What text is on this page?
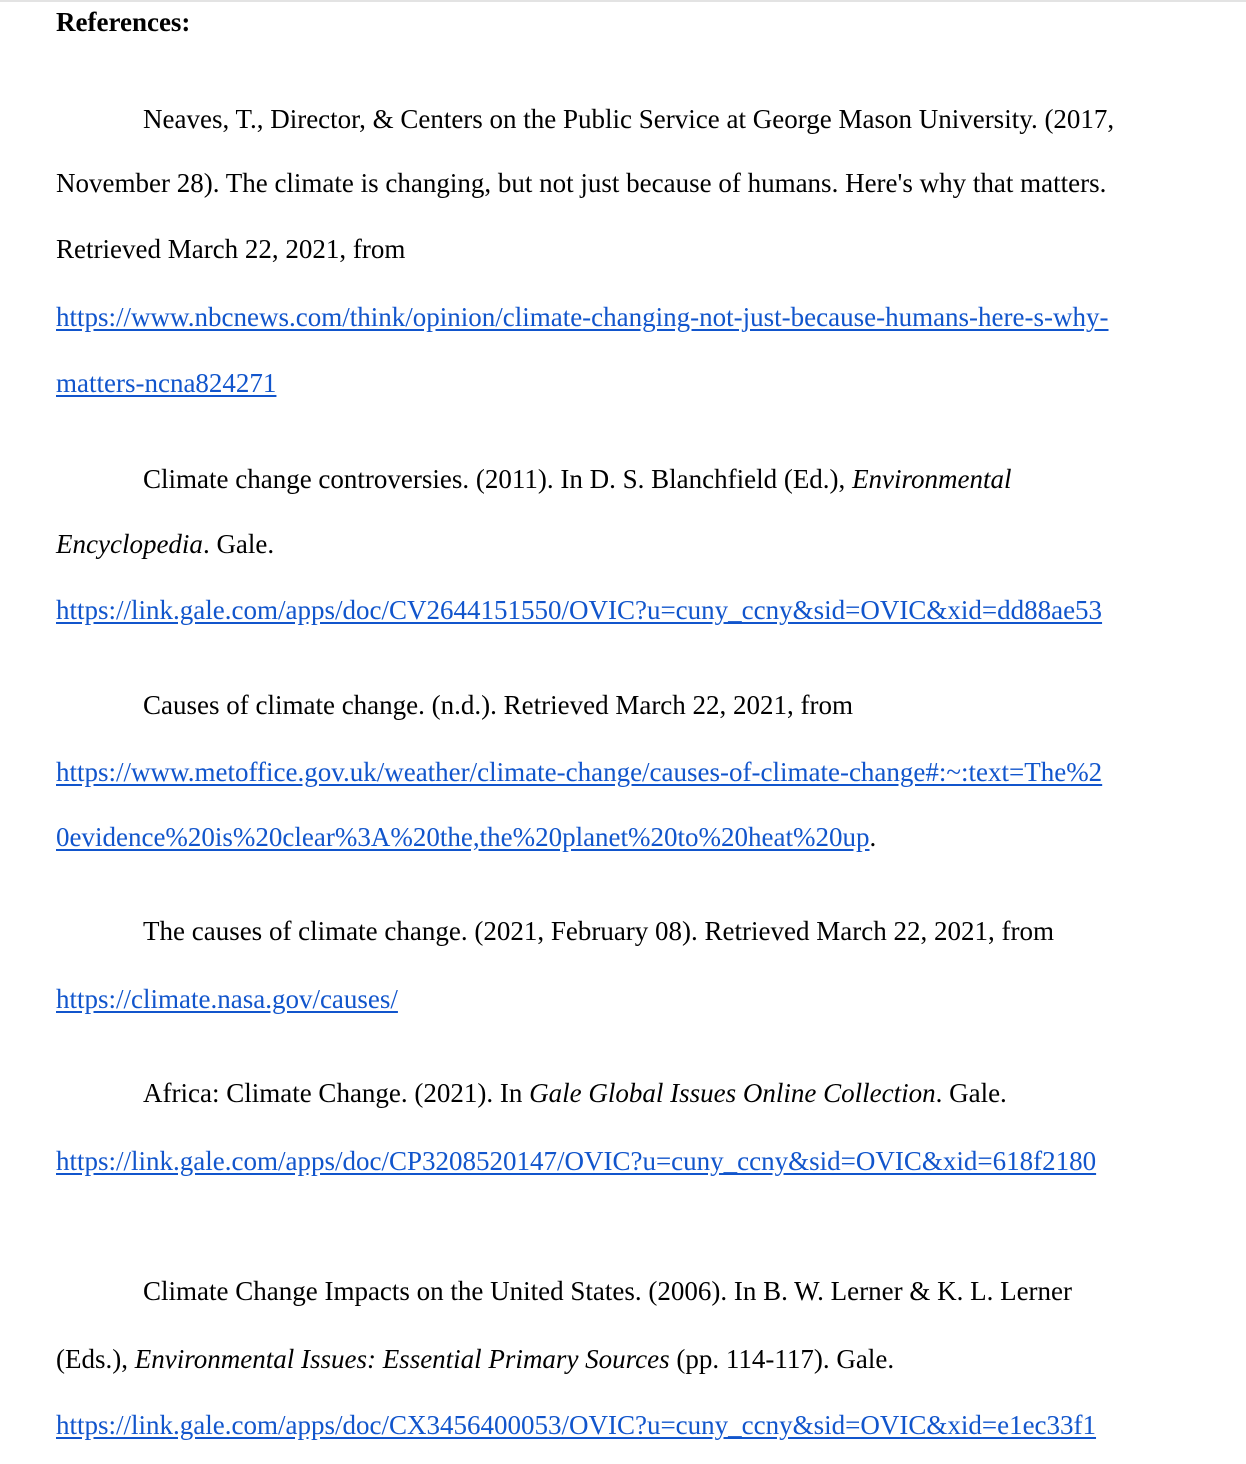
References:
Neaves, T., Director, & Centers on the Public Service at George Mason University. (2017,
November 28). The climate is changing, but not just because of humans. Here's why that matters.
Retrieved March 22, 2021, from
https://www.nbcnews.com/think/opinion/climate-changing-not-just-because-humans-here-s-why-
matters-ncna824271
Climate change controversies. (2011). In D. S. Blanchfield (Ed.), Environmental
Encyclopedia. Gale.
https://link.gale.com/apps/doc/CV2644151550/OVIC?u=cuny_ccny&sid=OVIC&xid=dd88ae53
Causes of climate change. (n.d.). Retrieved March 22, 2021, from
https://www.metoffice.gov.uk/weather/climate-change/causes-of-climate-change#:~:text=The%2
0evidence%20is%20clear%3A%20the,the%20planet%20to%20heat%20up.
The causes of climate change. (2021, February 08). Retrieved March 22, 2021, from
https://climate.nasa.gov/causes/
Africa: Climate Change. (2021). In Gale Global Issues Online Collection. Gale.
https://link.gale.com/apps/doc/CP3208520147/OVIC?u=cuny_ccny&sid=OVIC&xid=618f2180
Climate Change Impacts on the United States. (2006). In B. W. Lerner & K. L. Lerner
(Eds.), Environmental Issues: Essential Primary Sources (pp. 114-117). Gale.
https://link.gale.com/apps/doc/CX3456400053/OVIC?u=cuny_ccny&sid=OVIC&xid=e1ec33f1
